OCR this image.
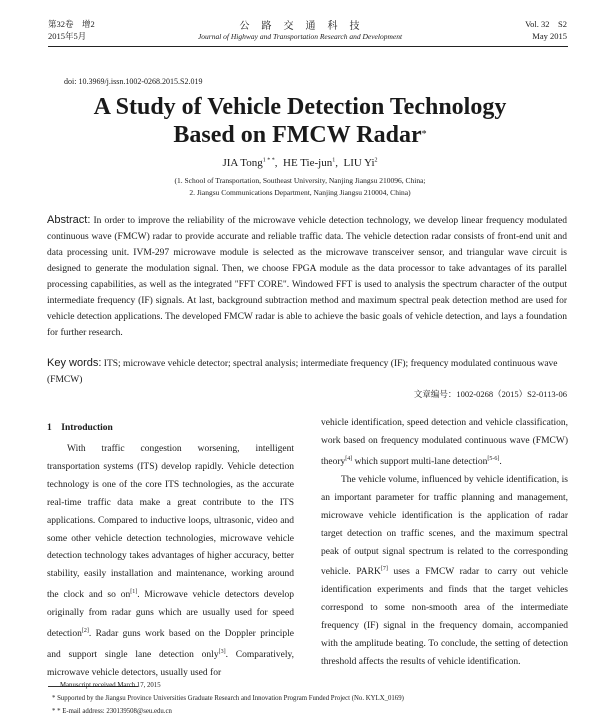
第32卷　增2
2015年5月
公　路　交　通　科　技
Journal of Highway and Transportation Research and Development
Vol. 32　S2
May 2015
doi: 10.3969/j.issn.1002-0268.2015.S2.019
A Study of Vehicle Detection Technology
Based on FMCW Radar*
JIA Tong$^{1 * *}$,  HE Tie-jun$^1$,  LIU Yi$^2$
(1. School of Transportation, Southeast University, Nanjing Jiangsu 210096, China;
2. Jiangsu Communications Department, Nanjing Jiangsu 210004, China)
Abstract: In order to improve the reliability of the microwave vehicle detection technology, we develop linear frequency modulated continuous wave (FMCW) radar to provide accurate and reliable traffic data. The vehicle detection radar consists of front-end unit and data processing unit. IVM-297 microwave module is selected as the microwave transceiver sensor, and triangular wave circuit is designed to generate the modulation signal. Then, we choose FPGA module as the data processor to take advantages of its parallel processing capabilities, as well as the integrated "FFT CORE". Windowed FFT is used to analysis the spectrum character of the output intermediate frequency (IF) signals. At last, background subtraction method and maximum spectral peak detection method are used for vehicle detection applications. The developed FMCW radar is able to achieve the basic goals of vehicle detection, and lays a foundation for further research.
Key words: ITS; microwave vehicle detector; spectral analysis; intermediate frequency (IF); frequency modulated continuous wave (FMCW)
文章编号：1002-0268（2015）S2-0113-06
1 Introduction

With traffic congestion worsening, intelligent transportation systems (ITS) develop rapidly. Vehicle detection technology is one of the core ITS technologies, as the accurate real-time traffic data make a great contribute to the ITS applications. Compared to inductive loops, ultrasonic, video and some other vehicle detection technologies, microwave vehicle detection technology takes advantages of higher accuracy, better stability, easily installation and maintenance, working around the clock and so on[1]. Microwave vehicle detectors develop originally from radar guns which are usually used for speed detection[2]. Radar guns work based on the Doppler principle and support single lane detection only[3]. Comparatively, microwave vehicle detectors, usually used for

vehicle identification, speed detection and vehicle classification, work based on frequency modulated continuous wave (FMCW) theory[4] which support multi-lane detection[5-6].

The vehicle volume, influenced by vehicle identification, is an important parameter for traffic planning and management, microwave vehicle identification is the application of radar target detection on traffic scenes, and the maximum spectral peak of output signal spectrum is related to the corresponding vehicle. PARK[7] uses a FMCW radar to carry out vehicle identification experiments and finds that the target vehicles correspond to some non-smooth area of the intermediate frequency (IF) signal in the frequency domain, accompanied with the amplitude beating. To conclude, the setting of detection threshold affects the results of vehicle identification.

Manuscript received March 17, 2015
* Supported by the Jiangsu Province Universities Graduate Research and Innovation Program Funded Project (No. KYLX_0169)
* * E-mail address: 230139508@seu.edu.cn
